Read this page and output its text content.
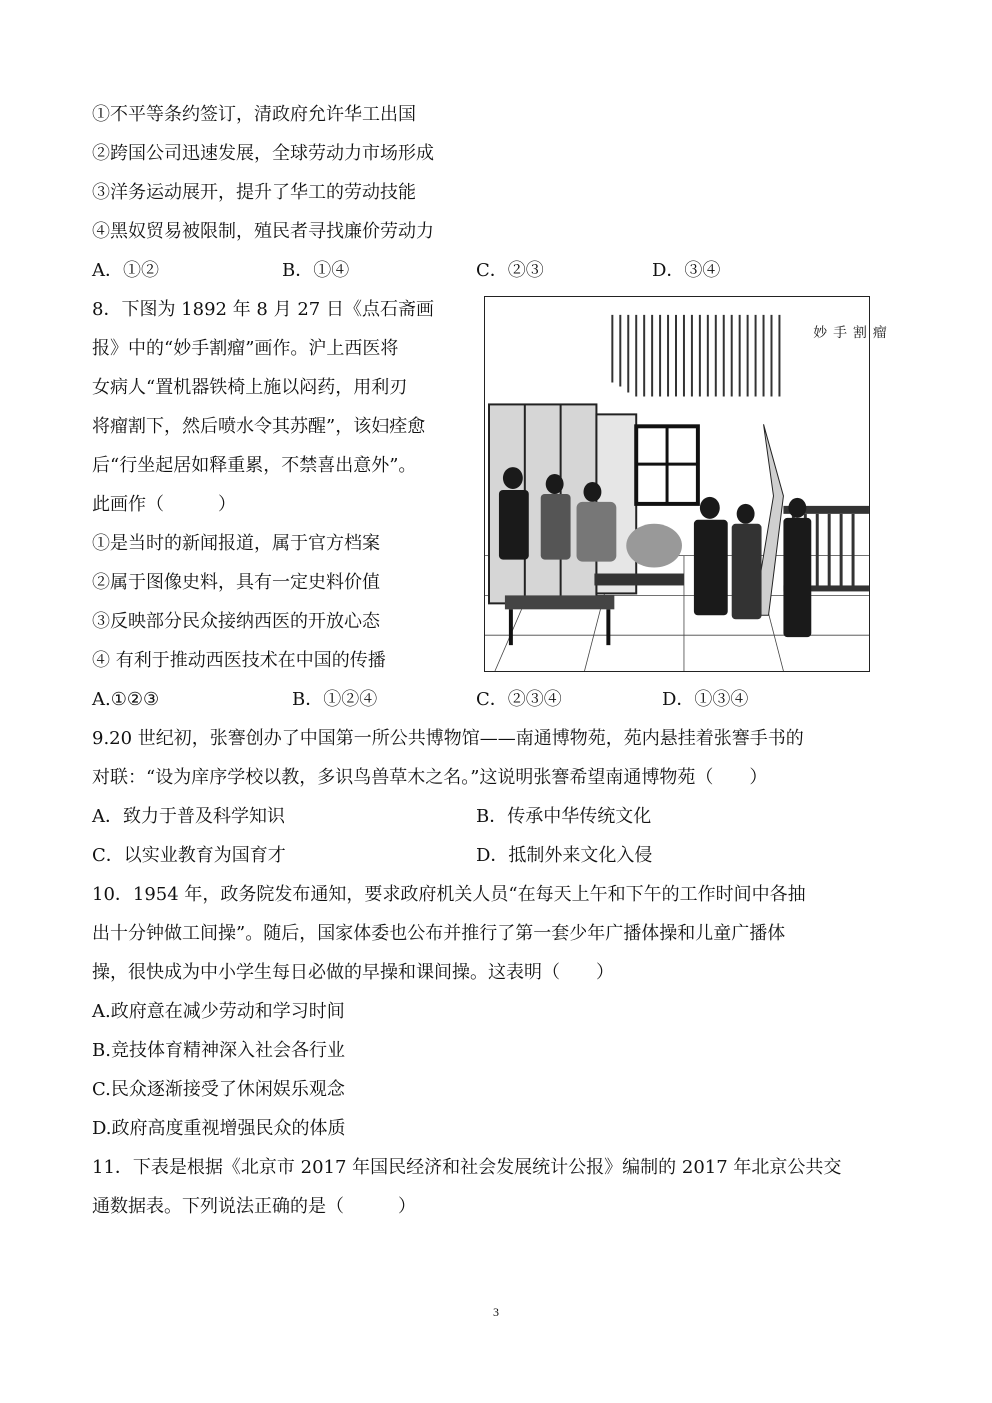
①不平等条约签订，清政府允许华工出国
②跨国公司迅速发展，全球劳动力市场形成
③洋务运动展开，提升了华工的劳动技能
④黑奴贸易被限制，殖民者寻找廉价劳动力
A．①②	B．①④	C．②③	D．③④
8．下图为 1892 年 8 月 27 日《点石斋画
报》中的“妙手割瘤”画作。沪上西医将
女病人“置机器铁椅上施以闷药，用利刃
将瘤割下，然后喷水令其苏醒”，该妇痊愈
后“行坐起居如释重累，不禁喜出意外”。
此画作（　　　）
①是当时的新闻报道，属于官方档案
②属于图像史料，具有一定史料价值
③反映部分民众接纳西医的开放心态
④ 有利于推动西医技术在中国的传播
A.①②③	B．①②④	C．②③④	D．①③④
妙手割瘤
9.20 世纪初，张謇创办了中国第一所公共博物馆——南通博物苑，苑内悬挂着张謇手书的
对联：“设为庠序学校以教，多识鸟兽草木之名。”这说明张謇希望南通博物苑（　　）
A．致力于普及科学知识	B．传承中华传统文化
C．以实业教育为国育才	D．抵制外来文化入侵
10．1954 年，政务院发布通知，要求政府机关人员“在每天上午和下午的工作时间中各抽
出十分钟做工间操”。随后，国家体委也公布并推行了第一套少年广播体操和儿童广播体
操，很快成为中小学生每日必做的早操和课间操。这表明（　　）
A.政府意在减少劳动和学习时间
B.竞技体育精神深入社会各行业
C.民众逐渐接受了休闲娱乐观念
D.政府高度重视增强民众的体质
11．下表是根据《北京市 2017 年国民经济和社会发展统计公报》编制的 2017 年北京公共交
通数据表。下列说法正确的是（　　　）
3
